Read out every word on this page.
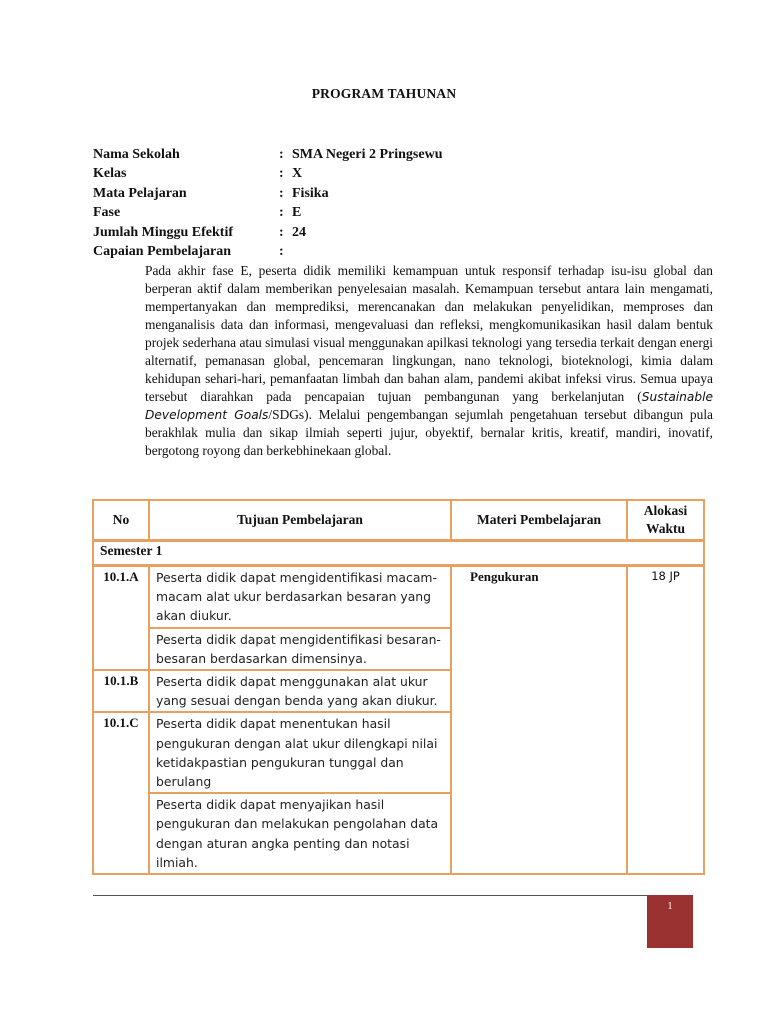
PROGRAM TAHUNAN
Nama Sekolah	: SMA Negeri 2 Pringsewu
Kelas	: X
Mata Pelajaran	: Fisika
Fase	: E
Jumlah Minggu Efektif	: 24
Capaian Pembelajaran	:
Pada akhir fase E, peserta didik memiliki kemampuan untuk responsif terhadap isu-isu global dan berperan aktif dalam memberikan penyelesaian masalah. Kemampuan tersebut antara lain mengamati, mempertanyakan dan memprediksi, merencanakan dan melakukan penyelidikan, memproses dan menganalisis data dan informasi, mengevaluasi dan refleksi, mengkomunikasikan hasil dalam bentuk projek sederhana atau simulasi visual menggunakan apilkasi teknologi yang tersedia terkait dengan energi alternatif, pemanasan global, pencemaran lingkungan, nano teknologi, bioteknologi, kimia dalam kehidupan sehari-hari, pemanfaatan limbah dan bahan alam, pandemi akibat infeksi virus. Semua upaya tersebut diarahkan pada pencapaian tujuan pembangunan yang berkelanjutan (Sustainable Development Goals/SDGs). Melalui pengembangan sejumlah pengetahuan tersebut dibangun pula berakhlak mulia dan sikap ilmiah seperti jujur, obyektif, bernalar kritis, kreatif, mandiri, inovatif, bergotong royong dan berkebhinekaan global.
No	Tujuan Pembelajaran	Materi Pembelajaran	Alokasi Waktu
Semester 1			
10.1.A	Peserta didik dapat mengidentifikasi macam-macam alat ukur berdasarkan besaran yang akan diukur.	Pengukuran	18 JP
	Peserta didik dapat mengidentifikasi besaran-besaran berdasarkan dimensinya.		
10.1.B	Peserta didik dapat menggunakan alat ukur yang sesuai dengan benda yang akan diukur.		
10.1.C	Peserta didik dapat menentukan hasil pengukuran dengan alat ukur dilengkapi nilai ketidakpastian pengukuran tunggal dan berulang		
	Peserta didik dapat menyajikan hasil pengukuran dan melakukan pengolahan data dengan aturan angka penting dan notasi ilmiah.		
1
